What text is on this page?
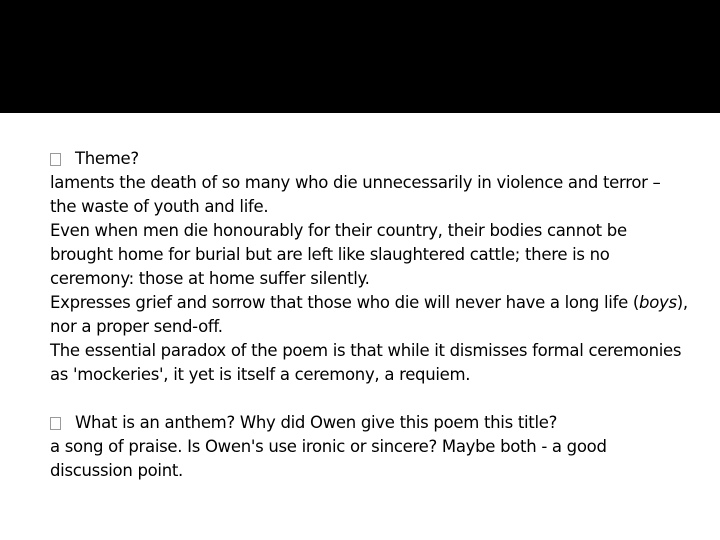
Theme?

laments the death of so many who die unnecessarily in violence and terror – the waste of youth and life.

Even when men die honourably for their country, their bodies cannot be brought home for burial but are left like slaughtered cattle; there is no ceremony: those at home suffer silently.

Expresses grief and sorrow that those who die will never have a long life (boys), nor a proper send-off.

The essential paradox of the poem is that while it dismisses formal ceremonies as 'mockeries', it yet is itself a ceremony, a requiem.

What is an anthem? Why did Owen give this poem this title?

a song of praise. Is Owen's use ironic or sincere? Maybe both - a good discussion point.
